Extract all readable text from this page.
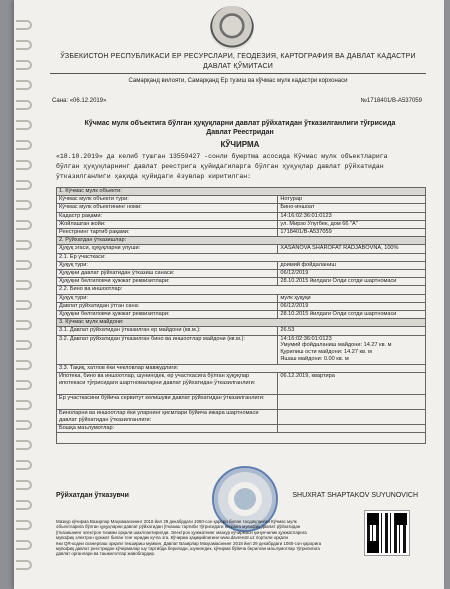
ЎЗБЕКИСТОН РЕСПУБЛИКАСИ ЕР РЕСУРСЛАРИ, ГЕОДЕЗИЯ, КАРТОГРАФИЯ ВА ДАВЛАТ КАДАСТРИ
ДАВЛАТ ҚЎМИТАСИ
Самарқанд вилояти, Самарқанд Ер тузиш ва кўчмас мулк кадастри корхонаси
Сана: «06.12.2019»	№1718401/В-А537059
Кўчмас мулк объектига бўлган ҳуқуқларни давлат рўйхатидан ўтказилганлиги тўғрисида
Давлат Реестридан
КЎЧИРМА
«18.10.2019» да келиб тушган 13559427 -сонли буюртма асосида Кўчмас мулк объектларига
бўлган ҳуқуқларнинг давлат реестрига қуйидагиларга бўлган ҳуқуқлар давлат рўйхатидан
ўтказилганлиги ҳақида қуйидаги ёзувлар киритилган:
1. Кўчмас мулк объекти:	
Кўчмас мулк объекти тури:	Нотурар
Кўчмас мулк объектининг номи:	Бино-иншоат
Кадастр рақами:	14:16:02:36:01:0123
Жойлашган жойи:	ул. Мирзо Улугбек, дом 66 "А"
Реестрнинг тартиб рақами:	1718401/В-А537059
2. Рўйхатдан ўтказишлар:	
Ҳуқуқ эгаси, ҳуқуқларни улуши:	XASANOVA SHAROFAT RADJABOVNA, 100%
2.1. Ер участкаси:	
Ҳуқуқ тури:	доимий фойдаланиш
Ҳуқуқни давлат рўйхатидан ўтказиш санаси:	06/12/2019
Ҳуқуқни белгиловчи ҳужжат реквизитлари:	28.10.2015 йилдаги Олди сотди шартномаси
2.2. Бино ва иншоотлар:	
Ҳуқуқ тури:	мулк ҳуқуқи
Давлат рўйхатидан ўтган сана:	06/12/2019
Ҳуқуқни белгиловчи ҳужжат реквизитлари:	28.10.2015 йилдаги Олди сотди шартномаси
3. Кўчмас мулк майдони:	
3.1. Давлат рўйхатидан ўтказилган ер майдони (кв.м.):	26.53
3.2. Давлат рўйхатидан ўтказилган бино ва иншоотлар майдони (кв.м.):	14:16:02:36:01:0123
Умумий фойдаланиш майдони: 14.27 кв. м
Қурилиш ости майдони: 14.27 кв. м
Яшаш майдони: 0.00 кв. м

3.3. Тақиқ, хатлов ёки чекловлар мавжудлиги:	
Ипотека, бино ва иншоотлар, шунингдек, ер участкасига бўлган ҳуқуқлар ипотекаси тўғрисидаги шартномаларни давлат рўйхатидан ўтказилганлиги:	06.12.2019, квартира
Ер участкасини бўйича сервитут келишуви давлат рўйхатидан ўтказилганлиги:	
Биноларни ва иншоотлар ёки уларнинг қисмлари бўйича ижара шартномаси давлат рўйхатидан ўтказилганлиги:	
Бошқа маълумотлар:	

Рўйхатдан ўтказувчи	SHUXRAT SHAPTAKOV SUYUNOVICH
Мазкур кўчирма Вазирлар Маҳкамасининг 2018 йил 29 декабрдаги 1060-сон қарори билан тасдиқланган Кўчмас мулк
объектларига бўлган ҳуқуқларни давлат рўйхатидан ўтказиш тартиби тўғрисидаги низомга мувофиқ давлат рўйхатидан
ўтказишнинг электрон тизими орқали шакллантирилди. Электрон ҳужжатнинг мазкур кўчирмаси қонунчилик ҳужжатларига
мувофиқ электрон ҳужжат билан тенг юридик кучга эга. Кўчирма ҳақиқийлигини www.davreestr.uz портали орқали
ёки QR-кодни сканерлаш орқали текшириш мумкин. Давлат Вазирлар Маҳкамасининг 2018 йил 29 декабрдаги 1060-сон қарорига
мувофиқ давлат реестридан кўчирмалар шу тартибда берилади, шунингдек, кўчирма бўйича берилган маълумотлар тўғрилигига
давлат органлари ва ташкилотлар жавобгардир.
